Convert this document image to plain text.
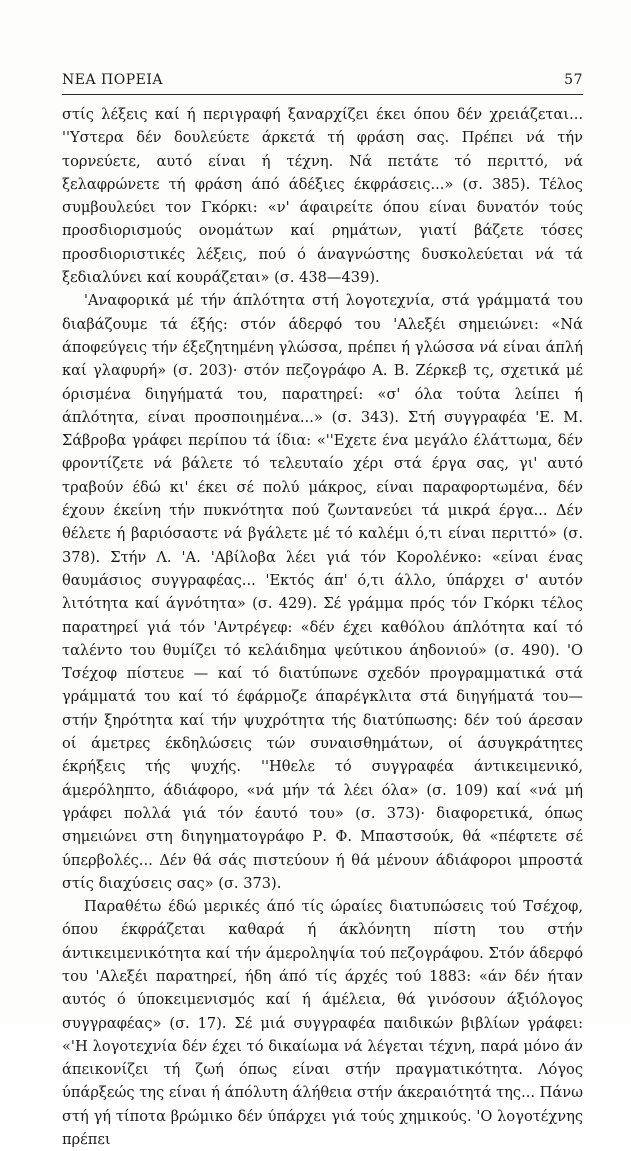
ΝΕΑ ΠΟΡΕΙΑ	57

στίς λέξεις καί ή περιγραφή ξαναρχίζει έκει όπου δέν χρειάζεται... ''Υστερα δέν δουλεύετε άρκετά τή φράση σας. Πρέπει νά τήν τορνεύετε, αυτό είναι ή τέχνη. Νά πετάτε τό περιττό, νά ξελαφρώνετε τή φράση άπό άδέξιες έκφράσεις...» (σ. 385). Τέλος συμβουλεύει τον Γκόρκι: «ν' άφαιρείτε όπου είναι δυνατόν τούς προσδιορισμούς ονομάτων καί ρημάτων, γιατί βάζετε τόσες προσδιοριστικές λέξεις, πού ό άναγνώστης δυσκολεύεται νά τά ξεδιαλύνει καί κουράζεται» (σ. 438—439).

'Αναφορικά μέ τήν άπλότητα στή λογοτεχνία, στά γράμματά του διαβάζουμε τά έξής: στόν άδερφό του 'Αλεξέι σημειώνει: «Νά άποφεύγεις τήν έξεζητημένη γλώσσα, πρέπει ή γλώσσα νά είναι άπλή καί γλαφυρή» (σ. 203)· στόν πεζογράφο Α. Β. Ζέρκεβ τς, σχετικά μέ όρισμένα διηγήματά του, παρατηρεί: «σ' όλα τούτα λείπει ή άπλότητα, είναι προσποιημένα...» (σ. 343). Στή συγγραφέα 'Ε. Μ. Σάβροβα γράφει περίπου τά ίδια: «''Εχετε ένα μεγάλο έλάττωμα, δέν φροντίζετε νά βάλετε τό τελευταίο χέρι στά έργα σας, γι' αυτό τραβούν έδώ κι' έκει σέ πολύ μάκρος, είναι παραφορτωμένα, δέν έχουν έκείνη τήν πυκνότητα πού ζωντανεύει τά μικρά έργα... Δέν θέλετε ή βαριόσαστε νά βγάλετε μέ τό καλέμι ό,τι είναι περιττό» (σ. 378). Στήν Λ. 'Α. 'Αβίλοβα λέει γιά τόν Κορολένκο: «είναι ένας θαυμάσιος συγγραφέας... 'Εκτός άπ' ό,τι άλλο, ύπάρχει σ' αυτόν λιτότητα καί άγνότητα» (σ. 429). Σέ γράμμα πρός τόν Γκόρκι τέλος παρατηρεί γιά τόν 'Αντρέγεφ: «δέν έχει καθόλου άπλότητα καί τό ταλέντο του θυμίζει τό κελάιδημα ψεύτικου άηδονιού» (σ. 490). 'Ο Τσέχοφ πίστευε — καί τό διατύπωνε σχεδόν προγραμματικά στά γράμματά του καί τό έφάρμοζε άπαρέγκλιτα στά διηγήματά του—στήν ξηρότητα καί τήν ψυχρότητα τής διατύπωσης: δέν τού άρεσαν οί άμετρες έκδηλώσεις τών συναισθημάτων, οί άσυγκράτητες έκρήξεις τής ψυχής. ''Ηθελε τό συγγραφέα άντικειμενικό, άμερόληπτο, άδιάφορο, «νά μήν τά λέει όλα» (σ. 109) καί «νά μή γράφει πολλά γιά τόν έαυτό του» (σ. 373)· διαφορετικά, όπως σημειώνει στη διηγηματογράφο Ρ. Φ. Μπαστσούκ, θά «πέφτετε σέ ύπερβολές... Δέν θά σάς πιστεύουν ή θά μένουν άδιάφοροι μπροστά στίς διαχύσεις σας» (σ. 373).

Παραθέτω έδώ μερικές άπό τίς ώραίες διατυπώσεις τού Τσέχοφ, όπου έκφράζεται καθαρά ή άκλόνητη πίστη του στήν άντικειμενικότητα καί τήν άμεροληψία τού πεζογράφου. Στόν άδερφό του 'Αλεξέι παρατηρεί, ήδη άπό τίς άρχές τού 1883: «άν δέν ήταν αυτός ό ύποκειμενισμός καί ή άμέλεια, θά γινόσουν άξιόλογος συγγραφέας» (σ. 17). Σέ μιά συγγραφέα παιδικών βιβλίων γράφει: «'Η λογοτεχνία δέν έχει τό δικαίωμα νά λέγεται τέχνη, παρά μόνο άν άπεικονίζει τή ζωή όπως είναι στήν πραγματικότητα. Λόγος ύπάρξεώς της είναι ή άπόλυτη άλήθεια στήν άκεραιότητά της... Πάνω στή γή τίποτα βρώμικο δέν ύπάρχει γιά τούς χημικούς. 'Ο λογοτέχνης πρέπει
